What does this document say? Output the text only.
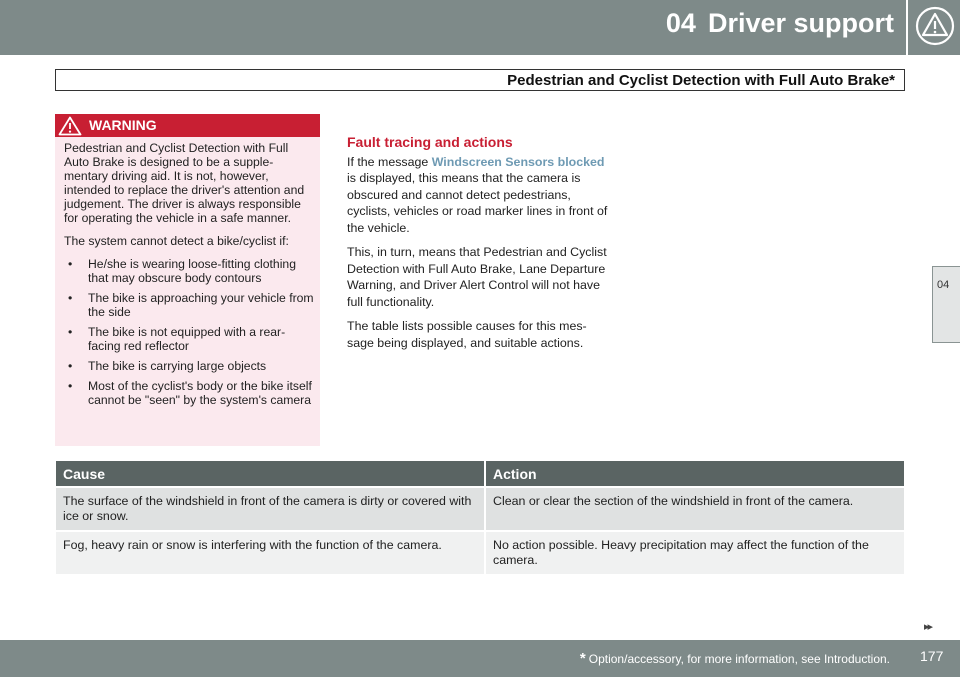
04 Driver support
Pedestrian and Cyclist Detection with Full Auto Brake*
04
WARNING

Pedestrian and Cyclist Detection with Full Auto Brake is designed to be a supple-mentary driving aid. It is not, however, intended to replace the driver's attention and judgement. The driver is always responsible for operating the vehicle in a safe manner.

The system cannot detect a bike/cyclist if:

• He/she is wearing loose-fitting clothing that may obscure body contours
• The bike is approaching your vehicle from the side
• The bike is not equipped with a rear-facing red reflector
• The bike is carrying large objects
• Most of the cyclist's body or the bike itself cannot be "seen" by the system's camera
Fault tracing and actions

If the message Windscreen Sensors blocked is displayed, this means that the camera is obscured and cannot detect pedestrians, cyclists, vehicles or road marker lines in front of the vehicle.

This, in turn, means that Pedestrian and Cyclist Detection with Full Auto Brake, Lane Departure Warning, and Driver Alert Control will not have full functionality.

The table lists possible causes for this mes-sage being displayed, and suitable actions.

Cause	Action
The surface of the windshield in front of the camera is dirty or covered with ice or snow.	Clean or clear the section of the windshield in front of the camera.
Fog, heavy rain or snow is interfering with the function of the camera.	No action possible. Heavy precipitation may affect the function of the camera.
▸▸
* Option/accessory, for more information, see Introduction. 177
